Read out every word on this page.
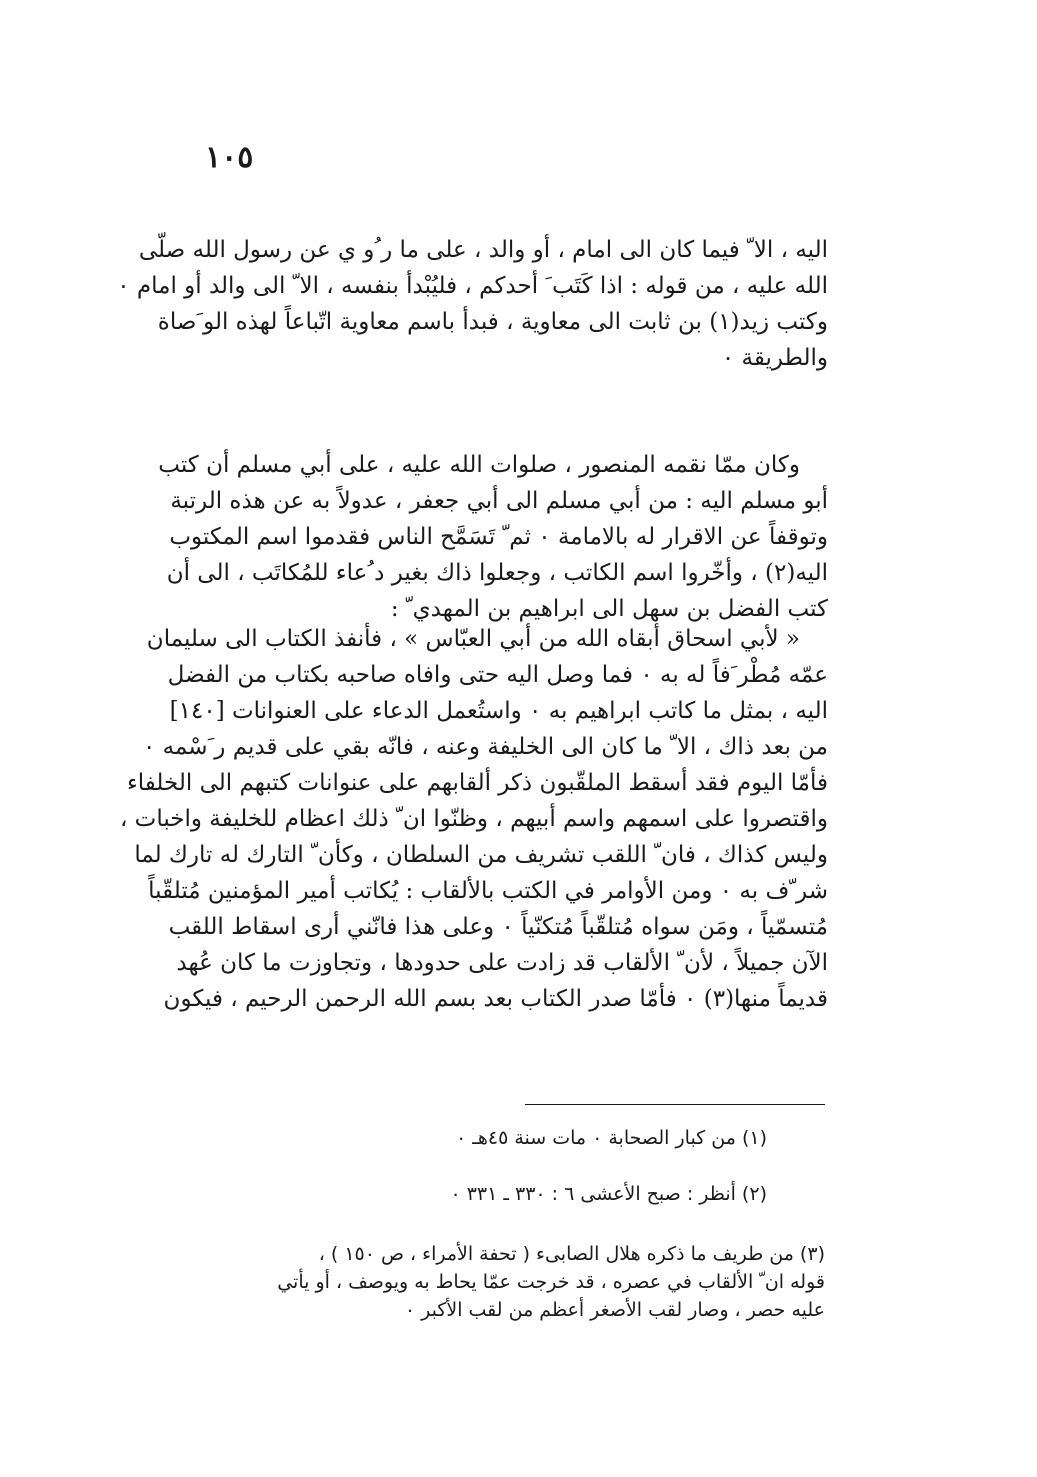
١٠٥
اليه ، الا ّ فيما كان الى امام ، أو والد ، على ما ر ُو ي عن رسول الله صلّى
الله عليه ، من قوله : اذا كَتَب َ أحدكم ، فليُبْدأ بنفسه ، الا ّ الى والد أو امام ٠
وكتب زيد(١) بن ثابت الى معاوية ، فبدأ باسم معاوية اتّباعاً لهذه الو َصاة
والطريقة ٠
وكان ممّا نقمه المنصور ، صلوات الله عليه ، على أبي مسلم أن كتب
أبو مسلم اليه : من أبي مسلم الى أبي جعفر ، عدولاً به عن هذه الرتبة
وتوقفاً عن الاقرار له بالامامة ٠ ثم ّ تَسَمَّح الناس فقدموا اسم المكتوب
اليه(٢) ، وأخّروا اسم الكاتب ، وجعلوا ذاك بغير د ُعاء للمُكاتَب ، الى أن
كتب الفضل بن سهل الى ابراهيم بن المهدي ّ :
« لأبي اسحاق أبقاه الله من أبي العبّاس » ، فأنفذ الكتاب الى سليمان
عمّه مُطْر َفاً له به ٠ فما وصل اليه حتى وافاه صاحبه بكتاب من الفضل
اليه ، بمثل ما كاتب ابراهيم به ٠ واستُعمل الدعاء على العنوانات [١٤٠]
من بعد ذاك ، الا ّ ما كان الى الخليفة وعنه ، فانّه بقي على قديم ر َسْمه ٠
فأمّا اليوم فقد أسقط الملقّبون ذكر ألقابهم على عنوانات كتبهم الى الخلفاء
واقتصروا على اسمهم واسم أبيهم ، وظنّوا ان ّ ذلك اعظام للخليفة واخبات ،
وليس كذاك ، فان ّ اللقب تشريف من السلطان ، وكأن ّ التارك له تارك لما
شر ّف به ٠ ومن الأوامر في الكتب بالألقاب : يُكاتب أمير المؤمنين مُتلقّباً
مُتسمّياً ، ومَن سواه مُتلقّباً مُتكنّياً ٠ وعلى هذا فانّني أرى اسقاط اللقب
الآن جميلاً ، لأن ّ الألقاب قد زادت على حدودها ، وتجاوزت ما كان عُهد
قديماً منها(٣) ٠ فأمّا صدر الكتاب بعد بسم الله الرحمن الرحيم ، فيكون
(١) من كبار الصحابة ٠ مات سنة ٤٥هـ ٠
(٢) أنظر : صبح الأعشى ٦ : ٣٣٠ ـ ٣٣١ ٠
(٣) من طريف ما ذكره هلال الصابىء ( تحفة الأمراء ، ص ١٥٠ ) ،
قوله ان ّ الألقاب في عصره ، قد خرجت عمّا يحاط به ويوصف ، أو يأتي
عليه حصر ، وصار لقب الأصغر أعظم من لقب الأكبر ٠
